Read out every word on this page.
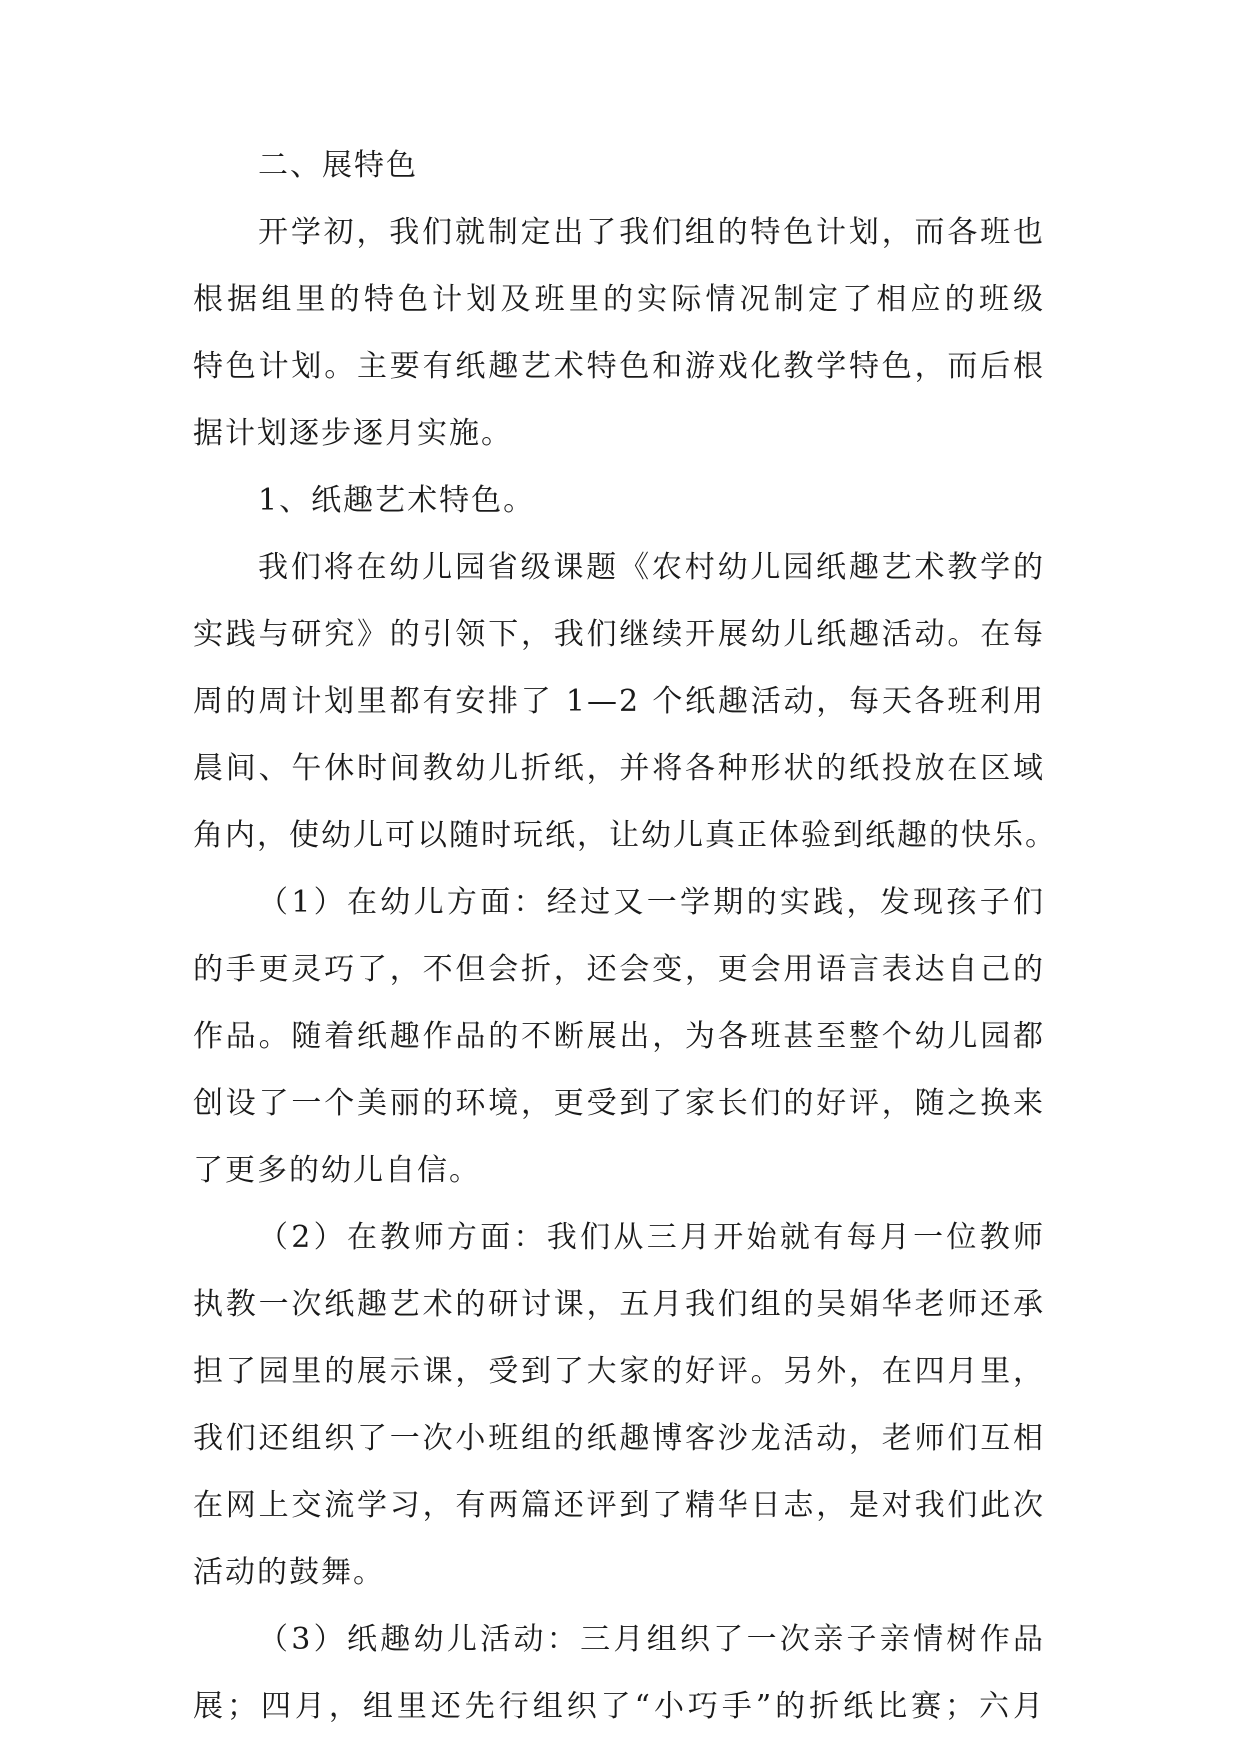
二、展特色
开学初，我们就制定出了我们组的特色计划，而各班也
根据组里的特色计划及班里的实际情况制定了相应的班级
特色计划。主要有纸趣艺术特色和游戏化教学特色，而后根
据计划逐步逐月实施。
1、纸趣艺术特色。
我们将在幼儿园省级课题《农村幼儿园纸趣艺术教学的
实践与研究》的引领下，我们继续开展幼儿纸趣活动。在每
周的周计划里都有安排了 1—2 个纸趣活动，每天各班利用
晨间、午休时间教幼儿折纸，并将各种形状的纸投放在区域
角内，使幼儿可以随时玩纸，让幼儿真正体验到纸趣的快乐。
（1）在幼儿方面：经过又一学期的实践，发现孩子们
的手更灵巧了，不但会折，还会变，更会用语言表达自己的
作品。随着纸趣作品的不断展出，为各班甚至整个幼儿园都
创设了一个美丽的环境，更受到了家长们的好评，随之换来
了更多的幼儿自信。
（2）在教师方面：我们从三月开始就有每月一位教师
执教一次纸趣艺术的研讨课，五月我们组的吴娟华老师还承
担了园里的展示课，受到了大家的好评。另外，在四月里，
我们还组织了一次小班组的纸趣博客沙龙活动，老师们互相
在网上交流学习，有两篇还评到了精华日志，是对我们此次
活动的鼓舞。
（3）纸趣幼儿活动：三月组织了一次亲子亲情树作品
展；四月，组里还先行组织了“小巧手”的折纸比赛；六月
